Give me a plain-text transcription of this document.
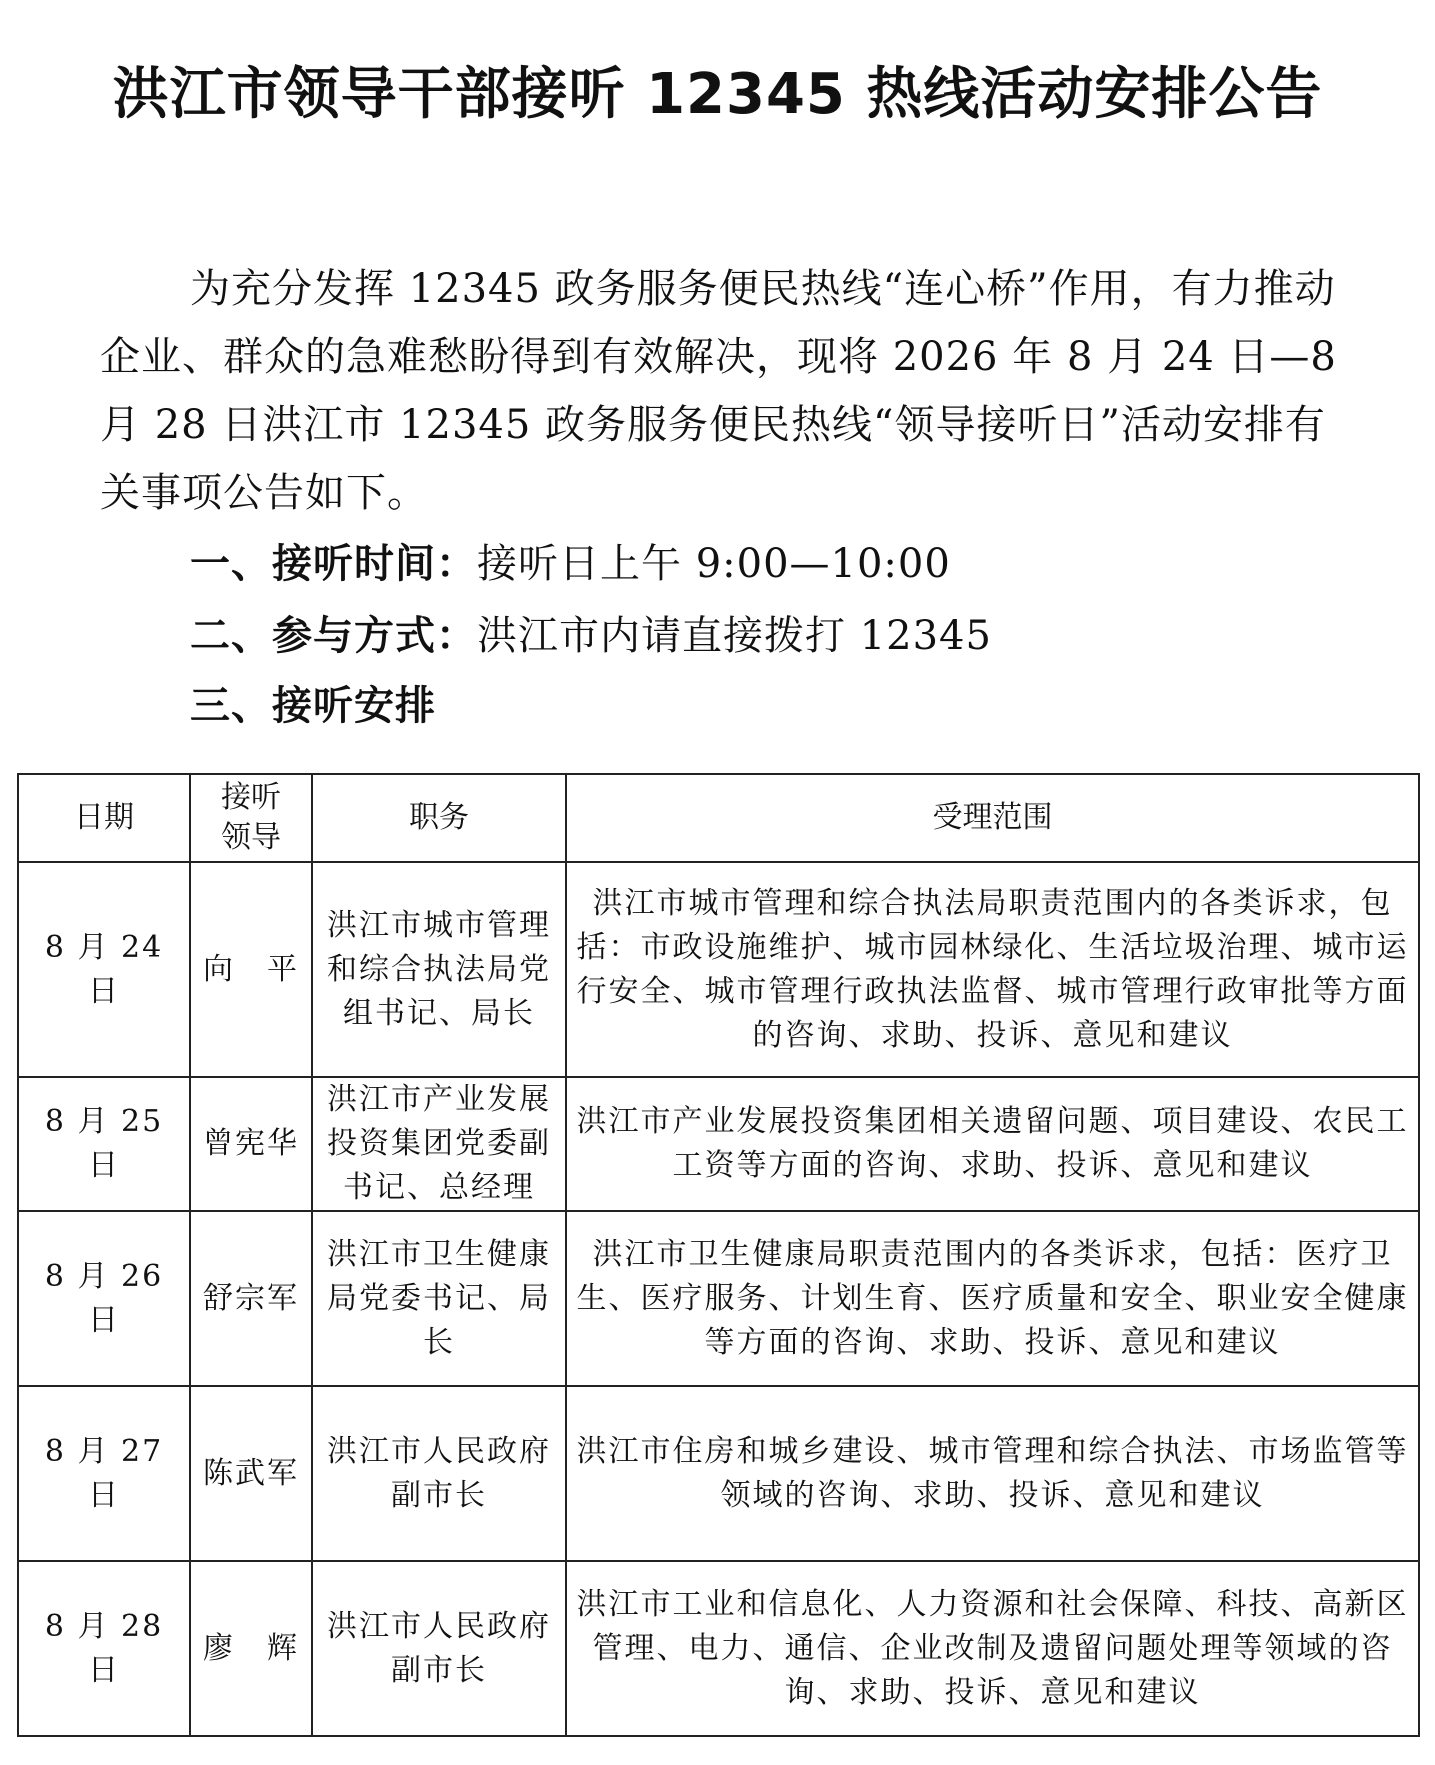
洪江市领导干部接听 12345 热线活动安排公告

为充分发挥 12345 政务服务便民热线“连心桥”作用，有力推动企业、群众的急难愁盼得到有效解决，现将 2026 年 8 月 24 日—8 月 28 日洪江市 12345 政务服务便民热线“领导接听日”活动安排有关事项公告如下。

一、接听时间：接听日上午 9:00—10:00
二、参与方式：洪江市内请直接拨打 12345
三、接听安排
日期	接听领导	职务	受理范围
8 月 24 日	向　平	洪江市城市管理和综合执法局党组书记、局长	洪江市城市管理和综合执法局职责范围内的各类诉求，包括：市政设施维护、城市园林绿化、生活垃圾治理、城市运行安全、城市管理行政执法监督、城市管理行政审批等方面的咨询、求助、投诉、意见和建议
8 月 25 日	曾宪华	洪江市产业发展投资集团党委副书记、总经理	洪江市产业发展投资集团相关遗留问题、项目建设、农民工工资等方面的咨询、求助、投诉、意见和建议
8 月 26 日	舒宗军	洪江市卫生健康局党委书记、局长	洪江市卫生健康局职责范围内的各类诉求，包括：医疗卫生、医疗服务、计划生育、医疗质量和安全、职业安全健康等方面的咨询、求助、投诉、意见和建议
8 月 27 日	陈武军	洪江市人民政府副市长	洪江市住房和城乡建设、城市管理和综合执法、市场监管等领域的咨询、求助、投诉、意见和建议
8 月 28 日	廖　辉	洪江市人民政府副市长	洪江市工业和信息化、人力资源和社会保障、科技、高新区管理、电力、通信、企业改制及遗留问题处理等领域的咨询、求助、投诉、意见和建议
